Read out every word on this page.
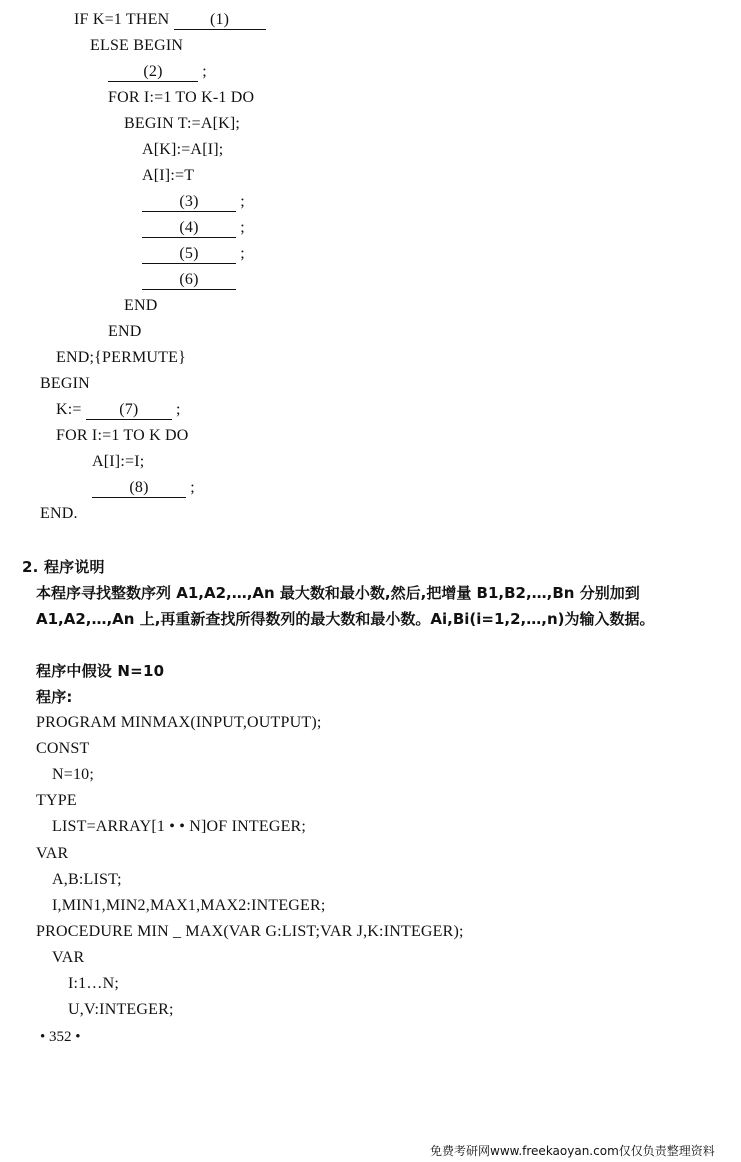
IF K=1 THEN (1)
ELSE BEGIN
(2) ;
FOR I:=1 TO K-1 DO
BEGIN T:=A[K];
A[K]:=A[I];
A[I]:=T
(3) ;
(4) ;
(5) ;
(6)
END
END
END;{PERMUTE}
BEGIN
K:= (7) ;
FOR I:=1 TO K DO
A[I]:=I;
(8) ;
END.
2. 程序说明
本程序寻找整数序列 A1,A2,…,An 最大数和最小数,然后,把增量 B1,B2,…,Bn 分别加到 A1,A2,…,An 上,再重新查找所得数列的最大数和最小数。Ai,Bi(i=1,2,…,n)为输入数据。
程序中假设 N=10
程序:
PROGRAM MINMAX(INPUT,OUTPUT);
CONST
N=10;
TYPE
LIST=ARRAY[1 • • N]OF INTEGER;
VAR
A,B:LIST;
I,MIN1,MIN2,MAX1,MAX2:INTEGER;
PROCEDURE MIN _ MAX(VAR G:LIST;VAR J,K:INTEGER);
VAR
I:1…N;
U,V:INTEGER;
• 352 •
免费考研网www.freekaoyan.com仅仅负责整理资料
